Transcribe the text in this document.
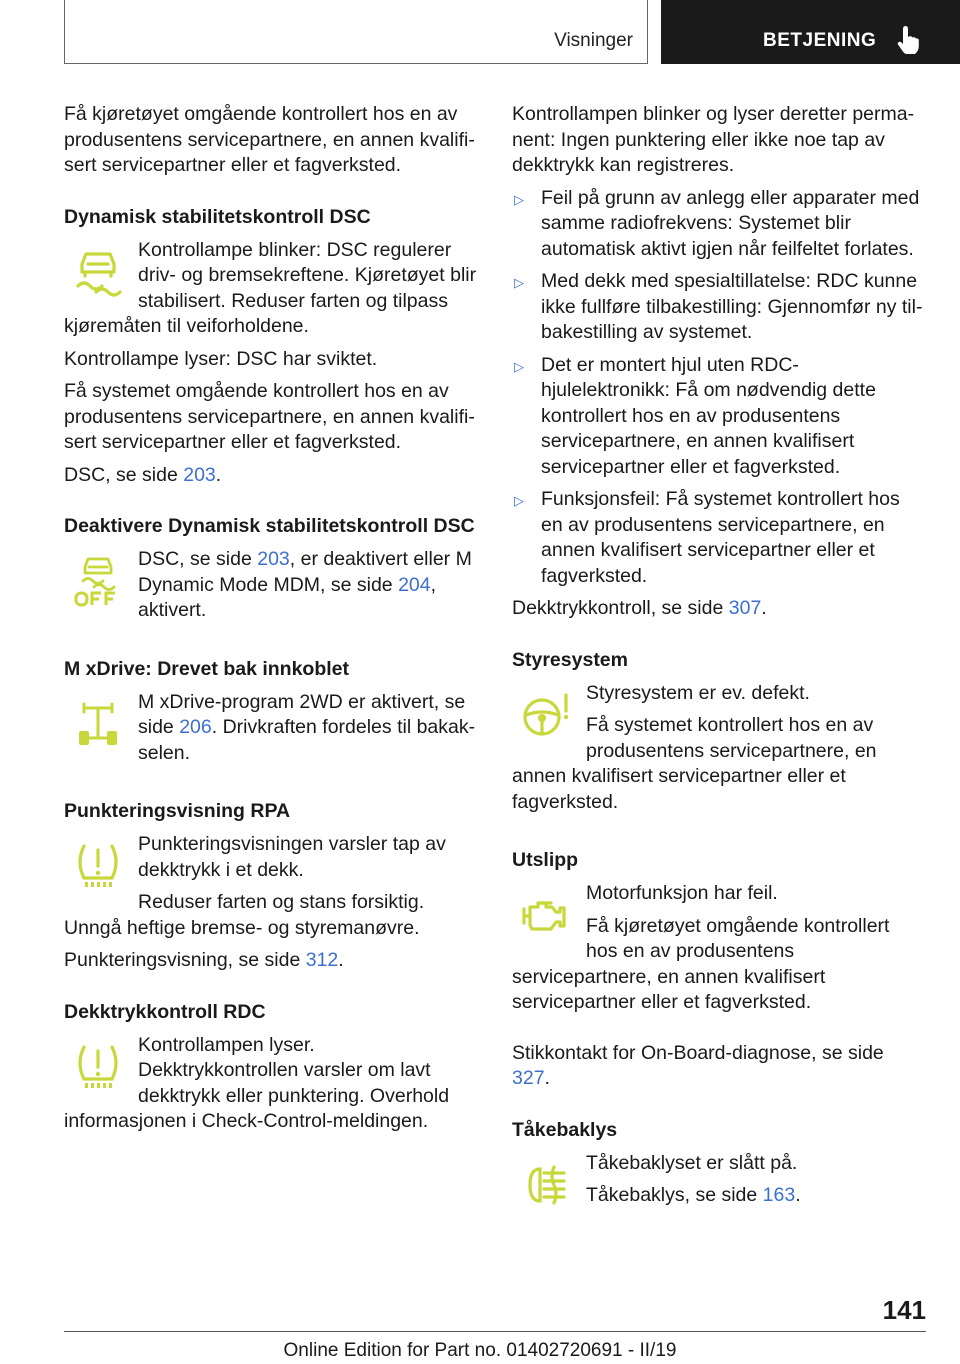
Visninger	BETJENING

Få kjøretøyet omgående kontrollert hos en av produsentens servicepartnere, en annen kvalifisert servicepartner eller et fagverksted.

Dynamisk stabilitetskontroll DSC

Kontrollampe blinker: DSC regulerer driv- og bremsekreftene. Kjøretøyet blir stabilisert. Reduser farten og tilpass kjøremåten til veiforholdene.

Kontrollampe lyser: DSC har sviktet.

Få systemet omgående kontrollert hos en av produsentens servicepartnere, en annen kvalifisert servicepartner eller et fagverksted.

DSC, se side 203.

Deaktivere Dynamisk stabilitetskontroll DSC

DSC, se side 203, er deaktivert eller M Dynamic Mode MDM, se side 204, aktivert.

M xDrive: Drevet bak innkoblet

M xDrive-program 2WD er aktivert, se side 206. Drivkraften fordeles til bakakselen.

Punkteringsvisning RPA

Punkteringsvisningen varsler tap av dekktrykk i et dekk.

Reduser farten og stans forsiktig. Unngå heftige bremse- og styremanøvre.

Punkteringsvisning, se side 312.

Dekktrykkontroll RDC

Kontrollampen lyser. Dekktrykkontrollen varsler om lavt dekktrykk eller punktering. Overhold informasjonen i Check-Control-meldingen.

Kontrollampen blinker og lyser deretter permanent: Ingen punktering eller ikke noe tap av dekktrykk kan registreres.

▷ Feil på grunn av anlegg eller apparater med samme radiofrekvens: Systemet blir automatisk aktivt igjen når feilfeltet forlates.
▷ Med dekk med spesialtillatelse: RDC kunne ikke fullføre tilbakestilling: Gjennomfør ny tilbakestilling av systemet.
▷ Det er montert hjul uten RDC-hjulelektronikk: Få om nødvendig dette kontrollert hos en av produsentens servicepartnere, en annen kvalifisert servicepartner eller et fagverksted.
▷ Funksjonsfeil: Få systemet kontrollert hos en av produsentens servicepartnere, en annen kvalifisert servicepartner eller et fagverksted.

Dekktrykkontroll, se side 307.

Styresystem

Styresystem er ev. defekt.

Få systemet kontrollert hos en av produsentens servicepartnere, en annen kvalifisert servicepartner eller et fagverksted.

Utslipp

Motorfunksjon har feil.

Få kjøretøyet omgående kontrollert hos en av produsentens servicepartnere, en annen kvalifisert servicepartner eller et fagverksted.

Stikkontakt for On-Board-diagnose, se side 327.

Tåkebaklys

Tåkebaklyset er slått på.

Tåkebaklys, se side 163.

141
Online Edition for Part no. 01402720691 - II/19
